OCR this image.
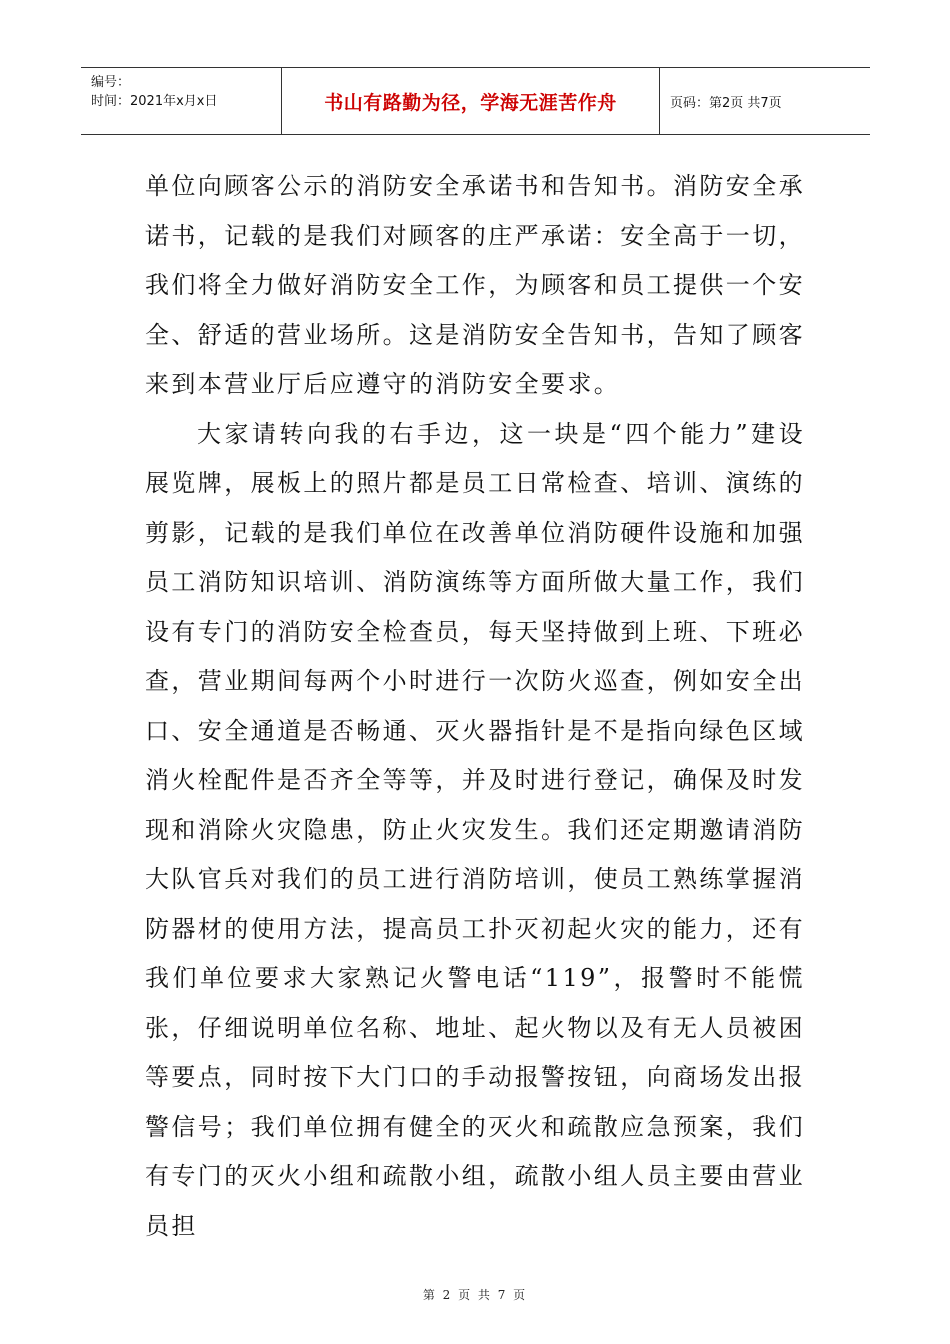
编号：
时间：2021年x月x日	书山有路勤为径，学海无涯苦作舟	页码：第2页 共7页

单位向顾客公示的消防安全承诺书和告知书。消防安全承诺书，记载的是我们对顾客的庄严承诺：安全高于一切，我们将全力做好消防安全工作，为顾客和员工提供一个安全、舒适的营业场所。这是消防安全告知书，告知了顾客来到本营业厅后应遵守的消防安全要求。

大家请转向我的右手边，这一块是“四个能力”建设展览牌，展板上的照片都是员工日常检查、培训、演练的剪影，记载的是我们单位在改善单位消防硬件设施和加强员工消防知识培训、消防演练等方面所做大量工作，我们设有专门的消防安全检查员，每天坚持做到上班、下班必查，营业期间每两个小时进行一次防火巡查，例如安全出口、安全通道是否畅通、灭火器指针是不是指向绿色区域消火栓配件是否齐全等等，并及时进行登记，确保及时发现和消除火灾隐患，防止火灾发生。我们还定期邀请消防大队官兵对我们的员工进行消防培训，使员工熟练掌握消防器材的使用方法，提高员工扑灭初起火灾的能力，还有我们单位要求大家熟记火警电话“119”，报警时不能慌张，仔细说明单位名称、地址、起火物以及有无人员被困等要点，同时按下大门口的手动报警按钮，向商场发出报警信号；我们单位拥有健全的灭火和疏散应急预案，我们有专门的灭火小组和疏散小组，疏散小组人员主要由营业员担

第 2 页 共 7 页
